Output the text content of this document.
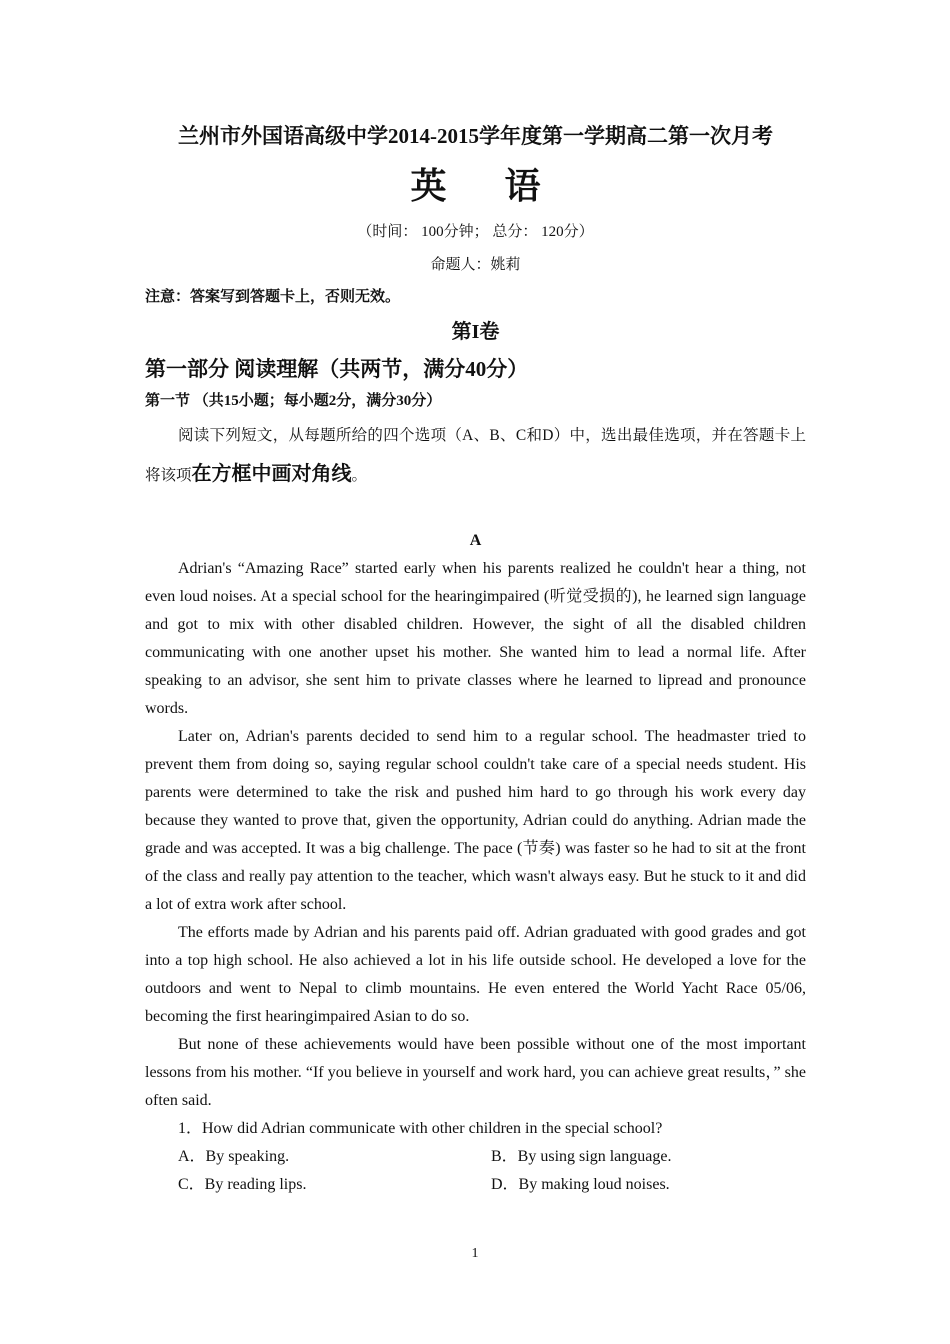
兰州市外国语高级中学2014-2015学年度第一学期高二第一次月考
英语
（时间： 100分钟； 总分： 120分）
命题人：姚莉
注意：答案写到答题卡上，否则无效。
第I卷
第一部分 阅读理解（共两节，满分40分）
第一节 （共15小题；每小题2分，满分30分）

阅读下列短文，从每题所给的四个选项（A、B、C和D）中，选出最佳选项，并在答题卡上将该项在方框中画对角线。

A

Adrian's “Amazing Race” started early when his parents realized he couldn't hear a thing, not even loud noises. At a special school for the hearingimpaired (听觉受损的), he learned sign language and got to mix with other disabled children. However, the sight of all the disabled children communicating with one another upset his mother. She wanted him to lead a normal life. After speaking to an advisor, she sent him to private classes where he learned to lipread and pronounce words.

Later on, Adrian's parents decided to send him to a regular school. The headmaster tried to prevent them from doing so, saying regular school couldn't take care of a special needs student. His parents were determined to take the risk and pushed him hard to go through his work every day because they wanted to prove that, given the opportunity, Adrian could do anything. Adrian made the grade and was accepted. It was a big challenge. The pace (节奏) was faster so he had to sit at the front of the class and really pay attention to the teacher, which wasn't always easy. But he stuck to it and did a lot of extra work after school.

The efforts made by Adrian and his parents paid off. Adrian graduated with good grades and got into a top high school. He also achieved a lot in his life outside school. He developed a love for the outdoors and went to Nepal to climb mountains. He even entered the World Yacht Race 05/06, becoming the first hearingimpaired Asian to do so.

But none of these achievements would have been possible without one of the most important lessons from his mother. “If you believe in yourself and work hard, you can achieve great results，” she often said.

1．How did Adrian communicate with other children in the special school?

A．By speaking.	B．By using sign language.
C．By reading lips.	D．By making loud noises.
1
